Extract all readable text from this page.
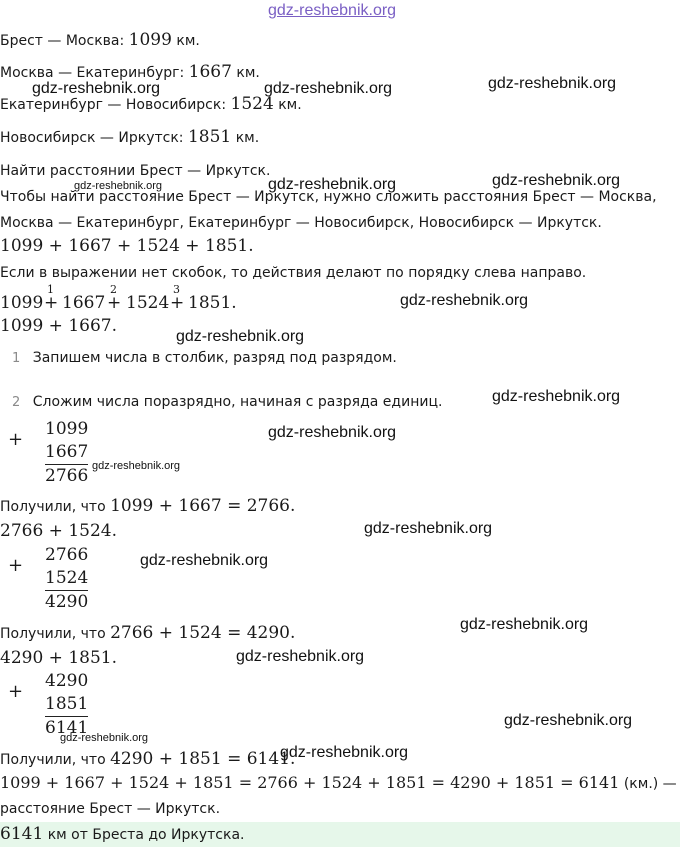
gdz-reshebnik.org
Брест — Москва: 1099 км.
Москва — Екатеринбург: 1667 км.
Екатеринбург — Новосибирск: 1524 км.
Новосибирск — Иркутск: 1851 км.
Найти расстоянии Брест — Иркутск.
Чтобы найти расстояние Брест — Иркутск, нужно сложить расстояния Брест — Москва,
Москва — Екатеринбург, Екатеринбург — Новосибирск, Новосибирск — Иркутск.
1099 + 1667 + 1524 + 1851.
Если в выражении нет скобок, то действия делают по порядку слева направо.
1099
1
+ 1667
2
+ 1524
3
+ 1851.
1099 + 1667.
1 Запишем числа в столбик, разряд под разрядом.
2 Сложим числа поразрядно, начиная с разряда единиц.
+ 1099
1667
2766
Получили, что 1099 + 1667 = 2766.
2766 + 1524.
+ 2766
1524
4290
Получили, что 2766 + 1524 = 4290.
4290 + 1851.
+ 4290
1851
6141
Получили, что 4290 + 1851 = 6141.
1099 + 1667 + 1524 + 1851 = 2766 + 1524 + 1851 = 4290 + 1851 = 6141 (км.) —
расстояние Брест — Иркутск.
6141 км от Бреста до Иркутска.
gdz-reshebnik.org	gdz-reshebnik.org	gdz-reshebnik.org
gdz-reshebnik.org	gdz-reshebnik.org
gdz-reshebnik.org
gdz-reshebnik.org
gdz-reshebnik.org
gdz-reshebnik.org
gdz-reshebnik.org
gdz-reshebnik.org
gdz-reshebnik.org
gdz-reshebnik.org
gdz-reshebnik.org
gdz-reshebnik.org
gdz-reshebnik.org
gdz-reshebnik.org
gdz-reshebnik.org
